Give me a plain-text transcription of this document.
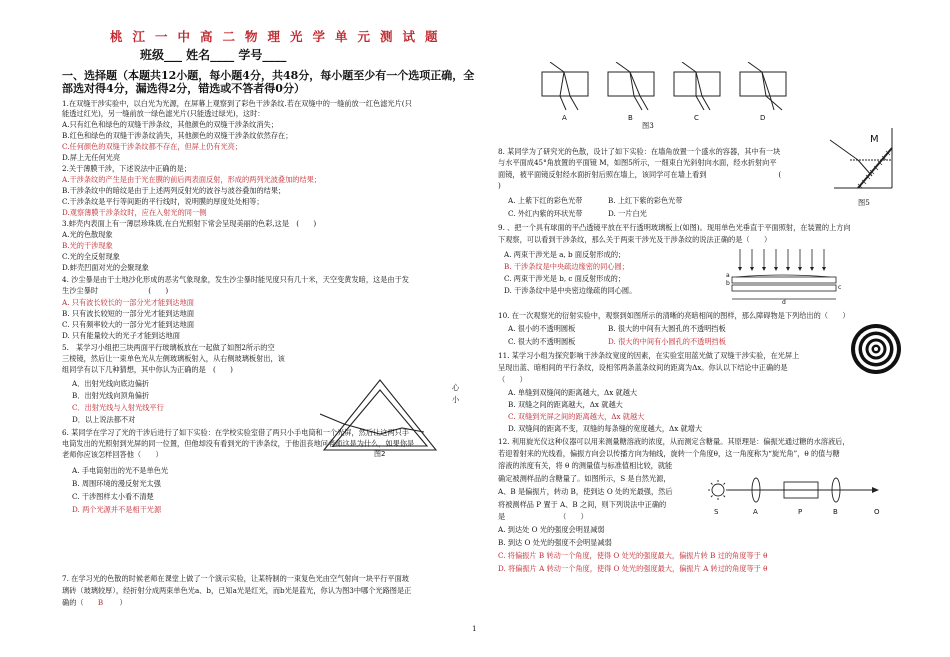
桃江一中高二物理光学单元测试题
班级___ 姓名____ 学号____
一、选择题（本题共12小题，每小题4分，共48分，每小题至少有一个选项正确，全
部选对得4分，漏选得2分，错选或不答者得0分）
1.在双缝干涉实验中，以白光为光源，在屏幕上观察到了彩色干涉条纹.若在双缝中的一缝前放一红色滤光片(只
能透过红光)，另一缝前放一绿色滤光片(只能透过绿光)，这时：
A.只有红色和绿色的双缝干涉条纹，其他颜色的双缝干涉条纹消失；
B.红色和绿色的双缝干涉条纹消失，其他颜色的双缝干涉条纹依然存在；
C.任何颜色的双缝干涉条纹都不存在，但屏上仍有光亮；
D.屏上无任何光亮
2.关于薄膜干涉，下述说法中正确的是；
A.干涉条纹的产生是由于光在膜的前后两表面反射，形成的两列光波叠加的结果；
B.干涉条纹中的暗纹是由于上述两列反射光的波谷与波谷叠加的结果；
C.干涉条纹是平行等间距的平行线时，说明膜的厚度处处相等；
D.观察薄膜干涉条纹时，应在入射光的同一侧
3.蚌壳内表面上有一薄层珍珠质,在白光照射下常会呈现美丽的色彩,这是　(　　)
A.光的色散现象
B.光的干涉现象
C.光的全反射现象
D.蚌壳凹面对光的会聚现象
4. 沙尘暴是由于土地沙化形成的恶劣气象现象，发生沙尘暴时能见度只有几十米，天空变黄发暗，这是由于发
生沙尘暴时　　　　　　　(　　)
A. 只有波长较长的一部分光才能到达地面
B. 只有波长较短的一部分光才能到达地面
C. 只有频率较大的一部分光才能到达地面
D. 只有能量较大的光子才能到达地面
5.　某学习小组把三块两面平行玻璃板放在一起做了如图2所示的空
三棱镜，然后让一束单色光从左侧玻璃板射入，从右侧玻璃板射出，该
组同学有以下几种猜想，其中你认为正确的是　(　　)
A．出射光线向底边偏折
B．出射光线向顶角偏折
C．出射光线与入射光线平行
D．以上说法都不对
心
小
图2
6. 某同学在学习了光的干涉后进行了如下实验：在学校实验室借了两只小手电筒和一个光屏，然后让这两只手
电筒发出的光照射到光屏的同一位置，但他却没有看到光的干涉条纹，于他沮丧地问老师这是为什么，如果你是
老师你应该怎样回答他（　　）
A. 手电筒射出的光不是单色光
B. 周围环境的漫反射光太强
C. 干涉图样太小看不清楚
D. 两个光源并不是相干光源
7. 在学习光的色散的时候老师在课堂上做了一个演示实验，让某特制的一束复色光由空气射向一块平行平面玻
璃砖（玻璃较厚），经折射分成两束单色光a、b，已知a光是红光，而b光是蓝光，你认为图3中哪个光路图是正
确的（ B ）
A	B	C	D
图3
8. 某同学为了研究光的色散，设计了如下实验：在墙角放置一个盛水的容器，其中有一块
与水平面成45°角放置的平面镜 M，如图5所示，一细束白光斜射向水面，经水折射向平
面镜，被平面镜反射经水面折射后照在墙上，该同学可在墙上看到　　　　　　　　　　(
)
A. 上紫下红的彩色光带	B. 上红下紫的彩色光带
C. 外红内紫的环状光带	D. 一片白光
M
图5
9. 、把一个具有球面的平凸透镜平放在平行透明玻璃板上(如图)。现用单色光垂直于平面照射，在装置的上方向
下观察，可以看到干涉条纹，那么关于两束干涉光及干涉条纹的说法正确的是（　　）
A. 两束干涉光是 a, b 面反射形成的；
B. 干涉条纹是中央疏边缘密的同心圆；
C. 两束干涉光是 b, c 面反射形成的；
D. 干涉条纹中是中央密边缘疏的同心圆。
a
b
c
d
10. 在一次观察光的衍射实验中，观察到如图所示的清晰的亮暗相间的图样，那么障碍物是下列给出的（　　）
A. 很小的不透明圆板	B. 很大的中间有大圆孔的不透明挡板
C. 很大的不透明圆板	D. 很大的中间有小圆孔的不透明挡板
11. 某学习小组为探究影响干涉条纹宽度的因素，在实验室用蓝光做了双缝干涉实验，在光屏上
呈现出蓝、暗相间的平行条纹，设相邻两条蓝条纹间的距离为Δx。你认以下结论中正确的是
（　　）
A. 单缝到双缝间的距离越大，Δx 就越大
B. 双缝之间的距离越大，Δx 就越大
C. 双缝到光屏之间的距离越大，Δx 就越大
D. 双缝间的距离不变，双缝的每条缝的宽度越大，Δx 就增大
12. 利用旋光仪这种仪器可以用来测量糖溶液的浓度，从而测定含糖量。其原理是：偏振光通过糖的水溶液后，
若迎着射来的光线看，偏振方向会以传播方向为轴线，旋转一个角度θ，这一角度称为“旋光角”，θ 的值与糖
溶液的浓度有关，将 θ 的测量值与标准值相比较，就能
确定被测样品的含糖量了。如图所示，S 是自然光源，
A、B 是偏振片，转动 B，使到达 O 处的光最强，然后
将被测样品 P 置于 A、B 之间，则下列说法中正确的
是　　　　　　　　（　　）
A. 到达处 O 光的强度会明显减弱
B. 到达 O 处光的强度不会明显减弱
C. 将偏振片 B 转动一个角度，使得 O 处光的强度最大，偏振片转 B 过的角度等于 θ
D. 将偏振片 A 转动一个角度，使得 O 处光的强度最大，偏振片 A 转过的角度等于 θ
S	A	P	B	O
1
